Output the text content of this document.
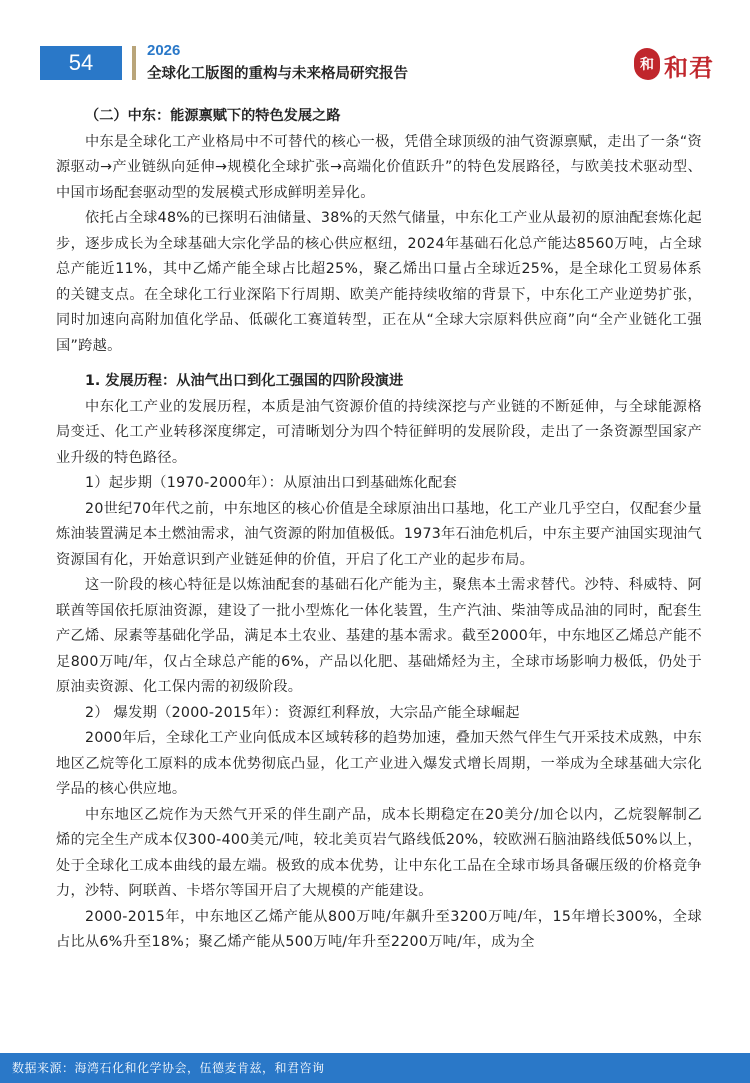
54	2026
全球化工版图的重构与未来格局研究报告
和 和君
（二）中东：能源禀赋下的特色发展之路

中东是全球化工产业格局中不可替代的核心一极，凭借全球顶级的油气资源禀赋，走出了一条“资源驱动→产业链纵向延伸→规模化全球扩张→高端化价值跃升”的特色发展路径，与欧美技术驱动型、中国市场配套驱动型的发展模式形成鲜明差异化。

依托占全球48%的已探明石油储量、38%的天然气储量，中东化工产业从最初的原油配套炼化起步，逐步成长为全球基础大宗化学品的核心供应枢纽，2024年基础石化总产能达8560万吨，占全球总产能近11%，其中乙烯产能全球占比超25%，聚乙烯出口量占全球近25%，是全球化工贸易体系的关键支点。在全球化工行业深陷下行周期、欧美产能持续收缩的背景下，中东化工产业逆势扩张，同时加速向高附加值化学品、低碳化工赛道转型，正在从“全球大宗原料供应商”向“全产业链化工强国”跨越。

1. 发展历程：从油气出口到化工强国的四阶段演进

中东化工产业的发展历程，本质是油气资源价值的持续深挖与产业链的不断延伸，与全球能源格局变迁、化工产业转移深度绑定，可清晰划分为四个特征鲜明的发展阶段，走出了一条资源型国家产业升级的特色路径。

1）起步期（1970-2000年）：从原油出口到基础炼化配套

20世纪70年代之前，中东地区的核心价值是全球原油出口基地，化工产业几乎空白，仅配套少量炼油装置满足本土燃油需求，油气资源的附加值极低。1973年石油危机后，中东主要产油国实现油气资源国有化，开始意识到产业链延伸的价值，开启了化工产业的起步布局。

这一阶段的核心特征是以炼油配套的基础石化产能为主，聚焦本土需求替代。沙特、科威特、阿联酋等国依托原油资源，建设了一批小型炼化一体化装置，生产汽油、柴油等成品油的同时，配套生产乙烯、尿素等基础化学品，满足本土农业、基建的基本需求。截至2000年，中东地区乙烯总产能不足800万吨/年，仅占全球总产能的6%，产品以化肥、基础烯烃为主，全球市场影响力极低，仍处于原油卖资源、化工保内需的初级阶段。

2） 爆发期（2000-2015年）：资源红利释放，大宗品产能全球崛起

2000年后，全球化工产业向低成本区域转移的趋势加速，叠加天然气伴生气开采技术成熟，中东地区乙烷等化工原料的成本优势彻底凸显，化工产业进入爆发式增长周期，一举成为全球基础大宗化学品的核心供应地。

中东地区乙烷作为天然气开采的伴生副产品，成本长期稳定在20美分/加仑以内，乙烷裂解制乙烯的完全生产成本仅300-400美元/吨，较北美页岩气路线低20%，较欧洲石脑油路线低50%以上，处于全球化工成本曲线的最左端。极致的成本优势，让中东化工品在全球市场具备碾压级的价格竞争力，沙特、阿联酋、卡塔尔等国开启了大规模的产能建设。

2000-2015年，中东地区乙烯产能从800万吨/年飙升至3200万吨/年，15年增长300%，全球占比从6%升至18%；聚乙烯产能从500万吨/年升至2200万吨/年，成为全

数据来源：海湾石化和化学协会，伍德麦肯兹，和君咨询
